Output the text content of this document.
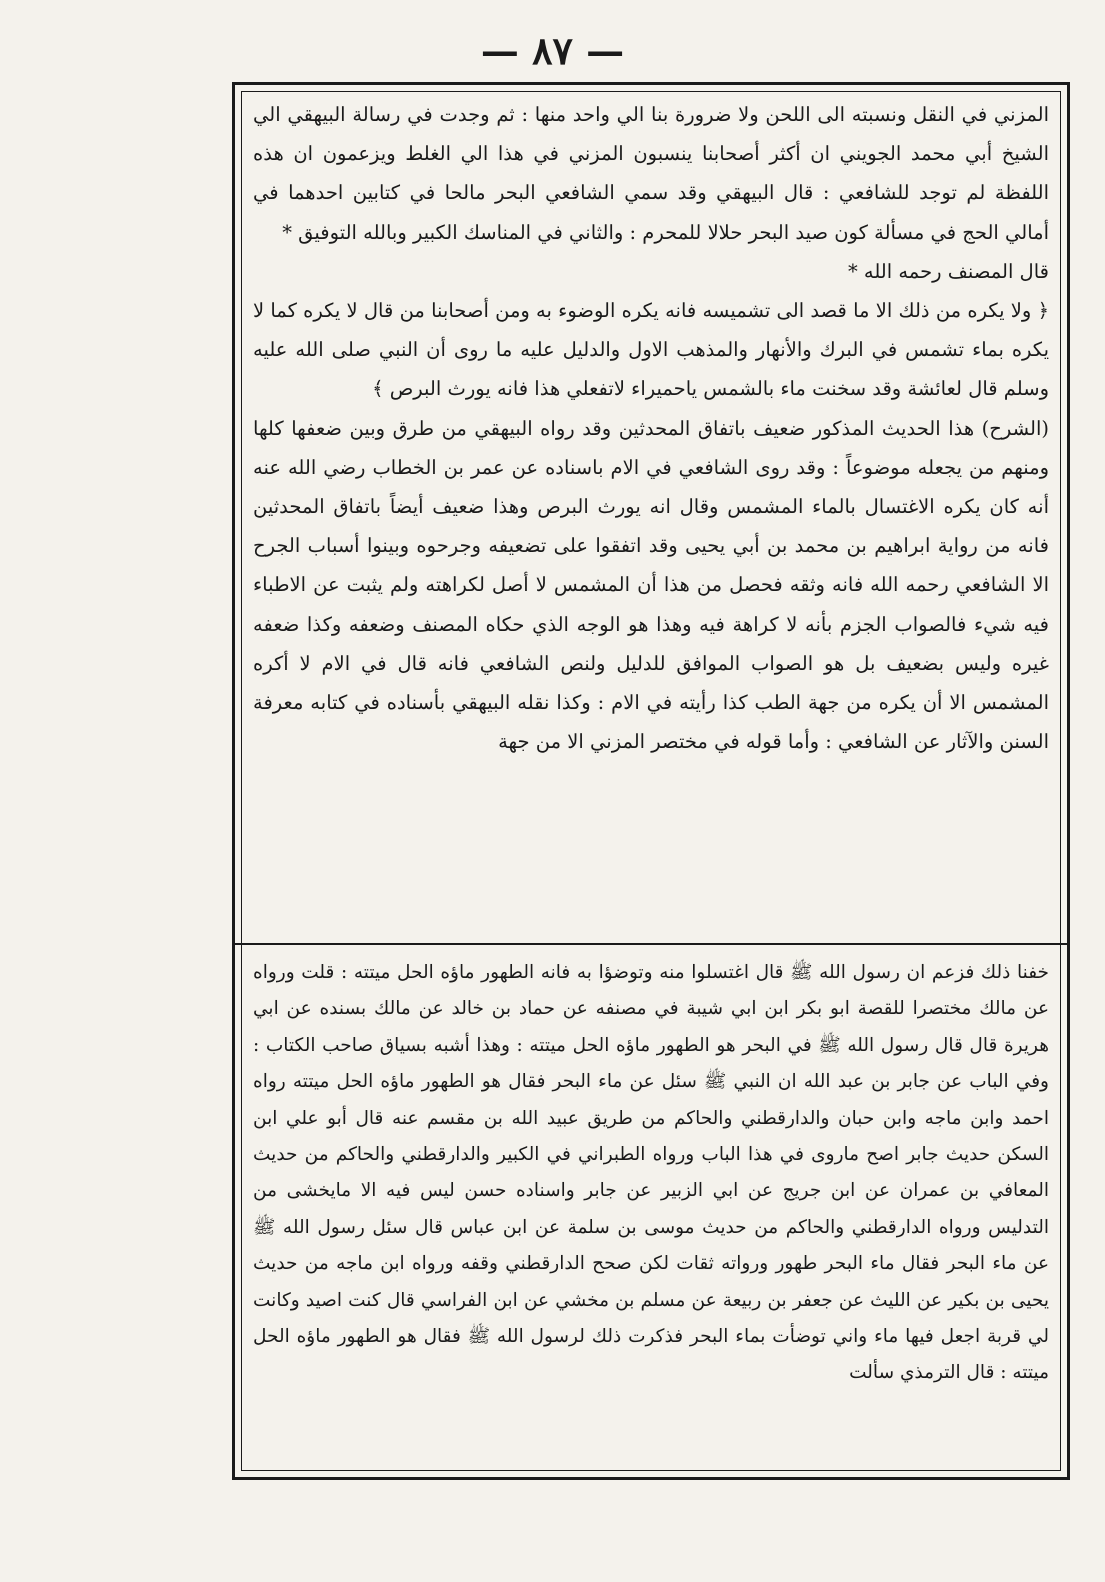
— ٨٧ —

المزني في النقل ونسبته الى اللحن ولا ضرورة بنا الي واحد منها : ثم وجدت في رسالة البيهقي الي الشيخ أبي محمد الجويني ان أكثر أصحابنا ينسبون المزني في هذا الي الغلط ويزعمون ان هذه اللفظة لم توجد للشافعي : قال البيهقي وقد سمي الشافعي البحر مالحا في كتابين احدهما في أمالي الحج في مسألة كون صيد البحر حلالا للمحرم : والثاني في المناسك الكبير وبالله التوفيق *

قال المصنف رحمه الله *

﴿ ولا يكره من ذلك الا ما قصد الى تشميسه فانه يكره الوضوء به ومن أصحابنا من قال لا يكره كما لا يكره بماء تشمس في البرك والأنهار والمذهب الاول والدليل عليه ما روى أن النبي صلى الله عليه وسلم قال لعائشة وقد سخنت ماء بالشمس ياحميراء لاتفعلي هذا فانه يورث البرص ﴾

(الشرح) هذا الحديث المذكور ضعيف باتفاق المحدثين وقد رواه البيهقي من طرق وبين ضعفها كلها ومنهم من يجعله موضوعاً : وقد روى الشافعي في الام باسناده عن عمر بن الخطاب رضي الله عنه أنه كان يكره الاغتسال بالماء المشمس وقال انه يورث البرص وهذا ضعيف أيضاً باتفاق المحدثين فانه من رواية ابراهيم بن محمد بن أبي يحيى وقد اتفقوا على تضعيفه وجرحوه وبينوا أسباب الجرح الا الشافعي رحمه الله فانه وثقه فحصل من هذا أن المشمس لا أصل لكراهته ولم يثبت عن الاطباء فيه شيء فالصواب الجزم بأنه لا كراهة فيه وهذا هو الوجه الذي حكاه المصنف وضعفه وكذا ضعفه غيره وليس بضعيف بل هو الصواب الموافق للدليل ولنص الشافعي فانه قال في الام لا أكره المشمس الا أن يكره من جهة الطب كذا رأيته في الام : وكذا نقله البيهقي بأسناده في كتابه معرفة السنن والآثار عن الشافعي : وأما قوله في مختصر المزني الا من جهة

خفنا ذلك فزعم ان رسول الله ﷺ قال اغتسلوا منه وتوضؤا به فانه الطهور ماؤه الحل ميتته : قلت ورواه عن مالك مختصرا للقصة ابو بكر ابن ابي شيبة في مصنفه عن حماد بن خالد عن مالك بسنده عن ابي هريرة قال قال رسول الله ﷺ في البحر هو الطهور ماؤه الحل ميتته : وهذا أشبه بسياق صاحب الكتاب : وفي الباب عن جابر بن عبد الله ان النبي ﷺ سئل عن ماء البحر فقال هو الطهور ماؤه الحل ميتته رواه احمد وابن ماجه وابن حبان والدارقطني والحاكم من طريق عبيد الله بن مقسم عنه قال أبو علي ابن السكن حديث جابر اصح ماروى في هذا الباب ورواه الطبراني في الكبير والدارقطني والحاكم من حديث المعافي بن عمران عن ابن جريج عن ابي الزبير عن جابر واسناده حسن ليس فيه الا مايخشى من التدليس ورواه الدارقطني والحاكم من حديث موسى بن سلمة عن ابن عباس قال سئل رسول الله ﷺ عن ماء البحر فقال ماء البحر طهور ورواته ثقات لكن صحح الدارقطني وقفه ورواه ابن ماجه من حديث يحيى بن بكير عن الليث عن جعفر بن ربيعة عن مسلم بن مخشي عن ابن الفراسي قال كنت اصيد وكانت لي قربة اجعل فيها ماء واني توضأت بماء البحر فذكرت ذلك لرسول الله ﷺ فقال هو الطهور ماؤه الحل ميتته : قال الترمذي سألت
